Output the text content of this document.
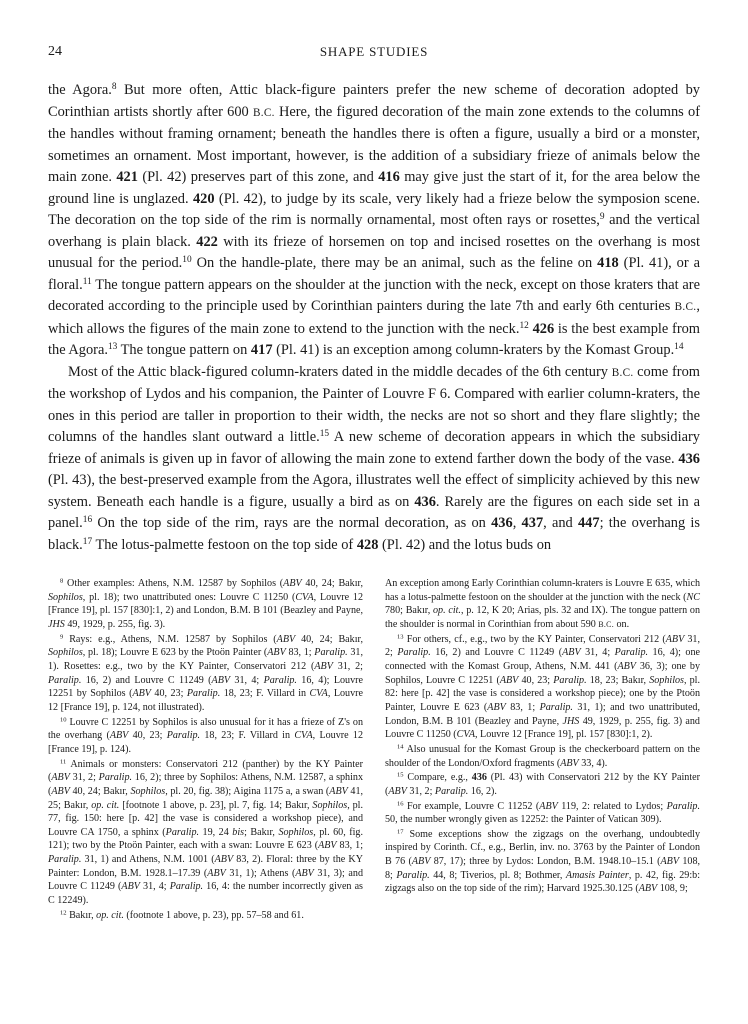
24	SHAPE STUDIES

the Agora.$^8$ But more often, Attic black-figure painters prefer the new scheme of decoration adopted by Corinthian artists shortly after 600 B.C. Here, the figured decoration of the main zone extends to the columns of the handles without framing ornament; beneath the handles there is often a figure, usually a bird or a monster, sometimes an ornament. Most important, however, is the addition of a subsidiary frieze of animals below the main zone. 421 (Pl. 42) preserves part of this zone, and 416 may give just the start of it, for the area below the ground line is unglazed. 420 (Pl. 42), to judge by its scale, very likely had a frieze below the symposion scene. The decoration on the top side of the rim is normally ornamental, most often rays or rosettes,$^9$ and the vertical overhang is plain black. 422 with its frieze of horsemen on top and incised rosettes on the overhang is most unusual for the period.$^{10}$ On the handle-plate, there may be an animal, such as the feline on 418 (Pl. 41), or a floral.$^{11}$ The tongue pattern appears on the shoulder at the junction with the neck, except on those kraters that are decorated according to the principle used by Corinthian painters during the late 7th and early 6th centuries B.C., which allows the figures of the main zone to extend to the junction with the neck.$^{12}$ 426 is the best example from the Agora.$^{13}$ The tongue pattern on 417 (Pl. 41) is an exception among column-kraters by the Komast Group.$^{14}$

Most of the Attic black-figured column-kraters dated in the middle decades of the 6th century B.C. come from the workshop of Lydos and his companion, the Painter of Louvre F 6. Compared with earlier column-kraters, the ones in this period are taller in proportion to their width, the necks are not so short and they flare slightly; the columns of the handles slant outward a little.$^{15}$ A new scheme of decoration appears in which the subsidiary frieze of animals is given up in favor of allowing the main zone to extend farther down the body of the vase. 436 (Pl. 43), the best-preserved example from the Agora, illustrates well the effect of simplicity achieved by this new system. Beneath each handle is a figure, usually a bird as on 436. Rarely are the figures on each side set in a panel.$^{16}$ On the top side of the rim, rays are the normal decoration, as on 436, 437, and 447; the overhang is black.$^{17}$ The lotus-palmette festoon on the top side of 428 (Pl. 42) and the lotus buds on

$^8$ Other examples: Athens, N.M. 12587 by Sophilos (ABV 40, 24; Bakır, Sophilos, pl. 18); two unattributed ones: Louvre C 11250 (CVA, Louvre 12 [France 19], pl. 157 [830]:1, 2) and London, B.M. B 101 (Beazley and Payne, JHS 49, 1929, p. 255, fig. 3).

$^9$ Rays: e.g., Athens, N.M. 12587 by Sophilos (ABV 40, 24; Bakır, Sophilos, pl. 18); Louvre E 623 by the Ptoön Painter (ABV 83, 1; Paralip. 31, 1). Rosettes: e.g., two by the KY Painter, Conservatori 212 (ABV 31, 2; Paralip. 16, 2) and Louvre C 11249 (ABV 31, 4; Paralip. 16, 4); Louvre 12251 by Sophilos (ABV 40, 23; Paralip. 18, 23; F. Villard in CVA, Louvre 12 [France 19], p. 124, not illustrated).

$^{10}$ Louvre C 12251 by Sophilos is also unusual for it has a frieze of Z's on the overhang (ABV 40, 23; Paralip. 18, 23; F. Villard in CVA, Louvre 12 [France 19], p. 124).

$^{11}$ Animals or monsters: Conservatori 212 (panther) by the KY Painter (ABV 31, 2; Paralip. 16, 2); three by Sophilos: Athens, N.M. 12587, a sphinx (ABV 40, 24; Bakır, Sophilos, pl. 20, fig. 38); Aigina 1175 a, a swan (ABV 41, 25; Bakır, op. cit. [footnote 1 above, p. 23], pl. 7, fig. 14; Bakır, Sophilos, pl. 77, fig. 150: here [p. 42] the vase is considered a workshop piece), and Louvre CA 1750, a sphinx (Paralip. 19, 24 bis; Bakır, Sophilos, pl. 60, fig. 121); two by the Ptoön Painter, each with a swan: Louvre E 623 (ABV 83, 1; Paralip. 31, 1) and Athens, N.M. 1001 (ABV 83, 2). Floral: three by the KY Painter: London, B.M. 1928.1–17.39 (ABV 31, 1); Athens (ABV 31, 3); and Louvre C 11249 (ABV 31, 4; Paralip. 16, 4: the number incorrectly given as C 12249).

$^{12}$ Bakır, op. cit. (footnote 1 above, p. 23), pp. 57–58 and 61.

An exception among Early Corinthian column-kraters is Louvre E 635, which has a lotus-palmette festoon on the shoulder at the junction with the neck (NC 780; Bakır, op. cit., p. 12, K 20; Arias, pls. 32 and IX). The tongue pattern on the shoulder is normal in Corinthian from about 590 B.C. on.

$^{13}$ For others, cf., e.g., two by the KY Painter, Conservatori 212 (ABV 31, 2; Paralip. 16, 2) and Louvre C 11249 (ABV 31, 4; Paralip. 16, 4); one connected with the Komast Group, Athens, N.M. 441 (ABV 36, 3); one by Sophilos, Louvre C 12251 (ABV 40, 23; Paralip. 18, 23; Bakır, Sophilos, pl. 82: here [p. 42] the vase is considered a workshop piece); one by the Ptoön Painter, Louvre E 623 (ABV 83, 1; Paralip. 31, 1); and two unattributed, London, B.M. B 101 (Beazley and Payne, JHS 49, 1929, p. 255, fig. 3) and Louvre C 11250 (CVA, Louvre 12 [France 19], pl. 157 [830]:1, 2).

$^{14}$ Also unusual for the Komast Group is the checkerboard pattern on the shoulder of the London/Oxford fragments (ABV 33, 4).

$^{15}$ Compare, e.g., 436 (Pl. 43) with Conservatori 212 by the KY Painter (ABV 31, 2; Paralip. 16, 2).

$^{16}$ For example, Louvre C 11252 (ABV 119, 2: related to Lydos; Paralip. 50, the number wrongly given as 12252: the Painter of Vatican 309).

$^{17}$ Some exceptions show the zigzags on the overhang, undoubtedly inspired by Corinth. Cf., e.g., Berlin, inv. no. 3763 by the Painter of London B 76 (ABV 87, 17); three by Lydos: London, B.M. 1948.10–15.1 (ABV 108, 8; Paralip. 44, 8; Tiverios, pl. 8; Bothmer, Amasis Painter, p. 42, fig. 29:b: zigzags also on the top side of the rim); Harvard 1925.30.125 (ABV 108, 9;
